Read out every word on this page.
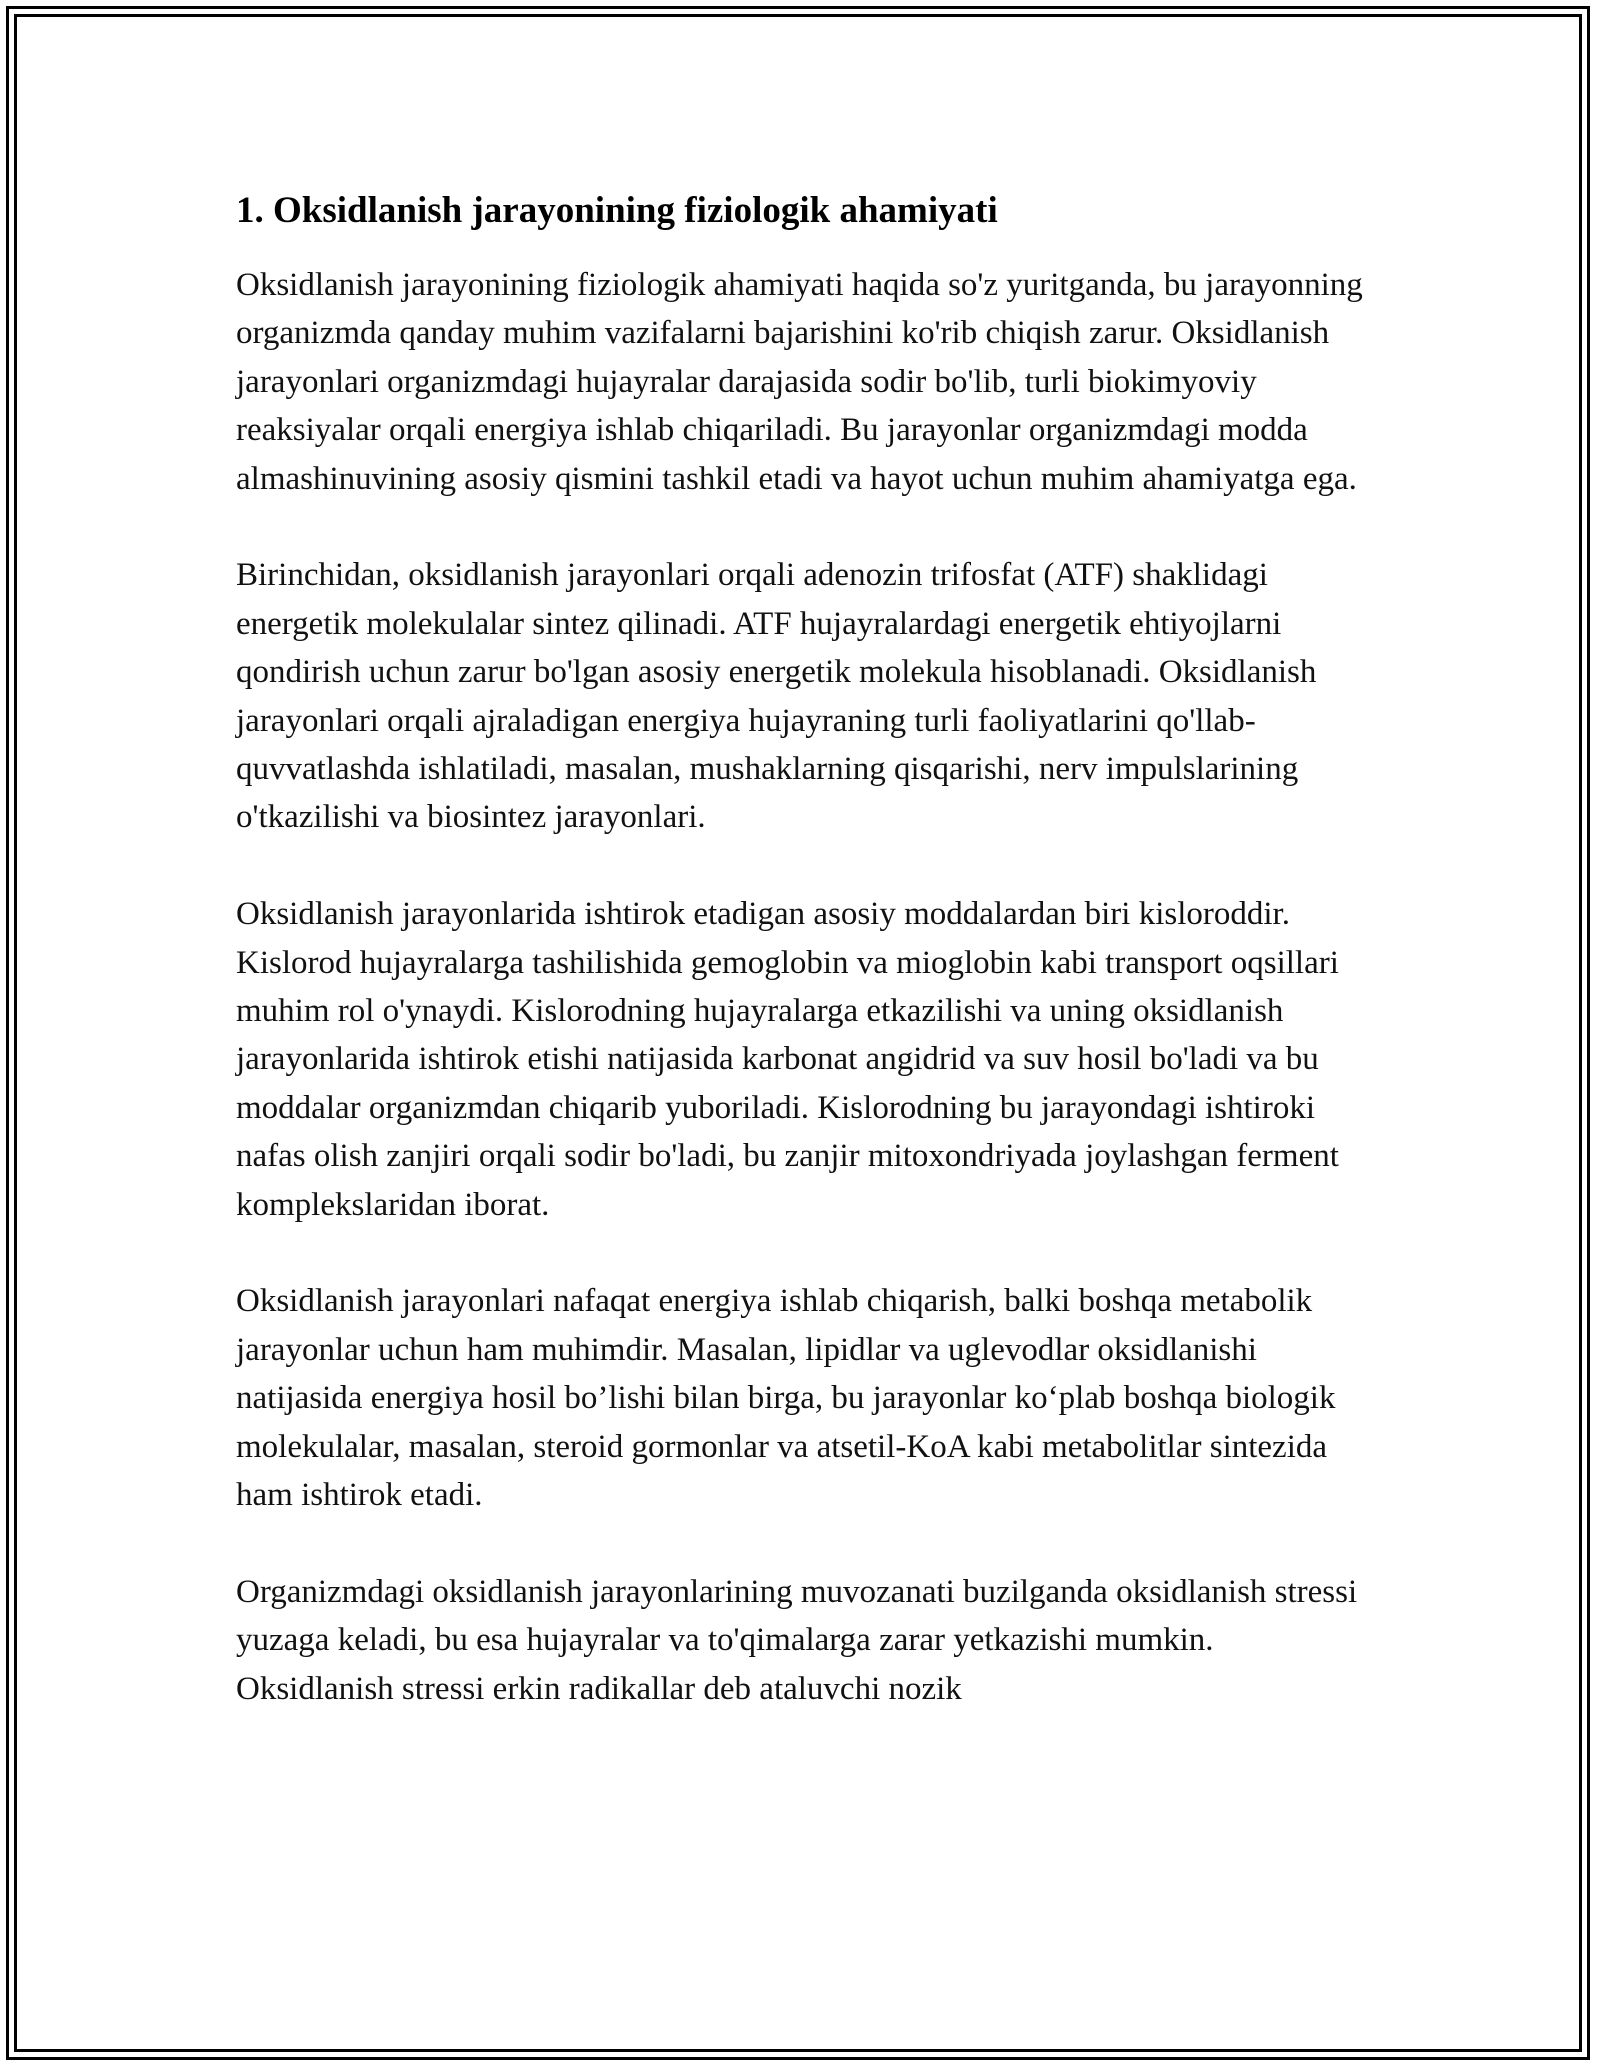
1. Oksidlanish jarayonining fiziologik ahamiyati

Oksidlanish jarayonining fiziologik ahamiyati haqida so'z yuritganda, bu jarayonning organizmda qanday muhim vazifalarni bajarishini ko'rib chiqish zarur. Oksidlanish jarayonlari organizmdagi hujayralar darajasida sodir bo'lib, turli biokimyoviy reaksiyalar orqali energiya ishlab chiqariladi. Bu jarayonlar organizmdagi modda almashinuvining asosiy qismini tashkil etadi va hayot uchun muhim ahamiyatga ega.

Birinchidan, oksidlanish jarayonlari orqali adenozin trifosfat (ATF) shaklidagi energetik molekulalar sintez qilinadi. ATF hujayralardagi energetik ehtiyojlarni qondirish uchun zarur bo'lgan asosiy energetik molekula hisoblanadi. Oksidlanish jarayonlari orqali ajraladigan energiya hujayraning turli faoliyatlarini qo'llab-quvvatlashda ishlatiladi, masalan, mushaklarning qisqarishi, nerv impulslarining o'tkazilishi va biosintez jarayonlari.

Oksidlanish jarayonlarida ishtirok etadigan asosiy moddalardan biri kisloroddir. Kislorod hujayralarga tashilishida gemoglobin va mioglobin kabi transport oqsillari muhim rol o'ynaydi. Kislorodning hujayralarga etkazilishi va uning oksidlanish jarayonlarida ishtirok etishi natijasida karbonat angidrid va suv hosil bo'ladi va bu moddalar organizmdan chiqarib yuboriladi. Kislorodning bu jarayondagi ishtiroki nafas olish zanjiri orqali sodir bo'ladi, bu zanjir mitoxondriyada joylashgan ferment komplekslaridan iborat.

Oksidlanish jarayonlari nafaqat energiya ishlab chiqarish, balki boshqa metabolik jarayonlar uchun ham muhimdir. Masalan, lipidlar va uglevodlar oksidlanishi natijasida energiya hosil bo’lishi bilan birga, bu jarayonlar ko‘plab boshqa biologik molekulalar, masalan, steroid gormonlar va atsetil-KoA kabi metabolitlar sintezida ham ishtirok etadi.

Organizmdagi oksidlanish jarayonlarining muvozanati buzilganda oksidlanish stressi yuzaga keladi, bu esa hujayralar va to'qimalarga zarar yetkazishi mumkin. Oksidlanish stressi erkin radikallar deb ataluvchi nozik
